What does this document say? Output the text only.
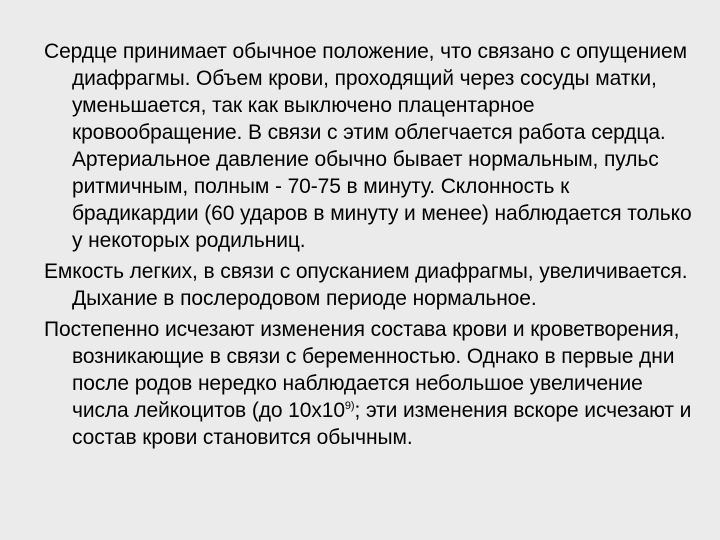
Сердце принимает обычное положение, что связано с опущением диафрагмы. Объем крови, проходящий через сосуды матки, уменьшается, так как выключено плацентарное кровообращение. В связи с этим облегчается работа сердца. Артериальное давление обычно бывает нормальным, пульс ритмичным, полным - 70-75 в минуту. Склонность к брадикардии (60 ударов в минуту и менее) наблюдается только у некоторых родильниц.

Емкость легких, в связи с опусканием диафрагмы, увеличивается. Дыхание в послеродовом периоде нормальное.

Постепенно исчезают изменения состава крови и кроветворения, возникающие в связи с беременностью. Однако в первые дни после родов нередко наблюдается небольшое увеличение числа лейкоцитов (до 10х10$^{9)}$; эти изменения вскоре исчезают и состав крови становится обычным.
